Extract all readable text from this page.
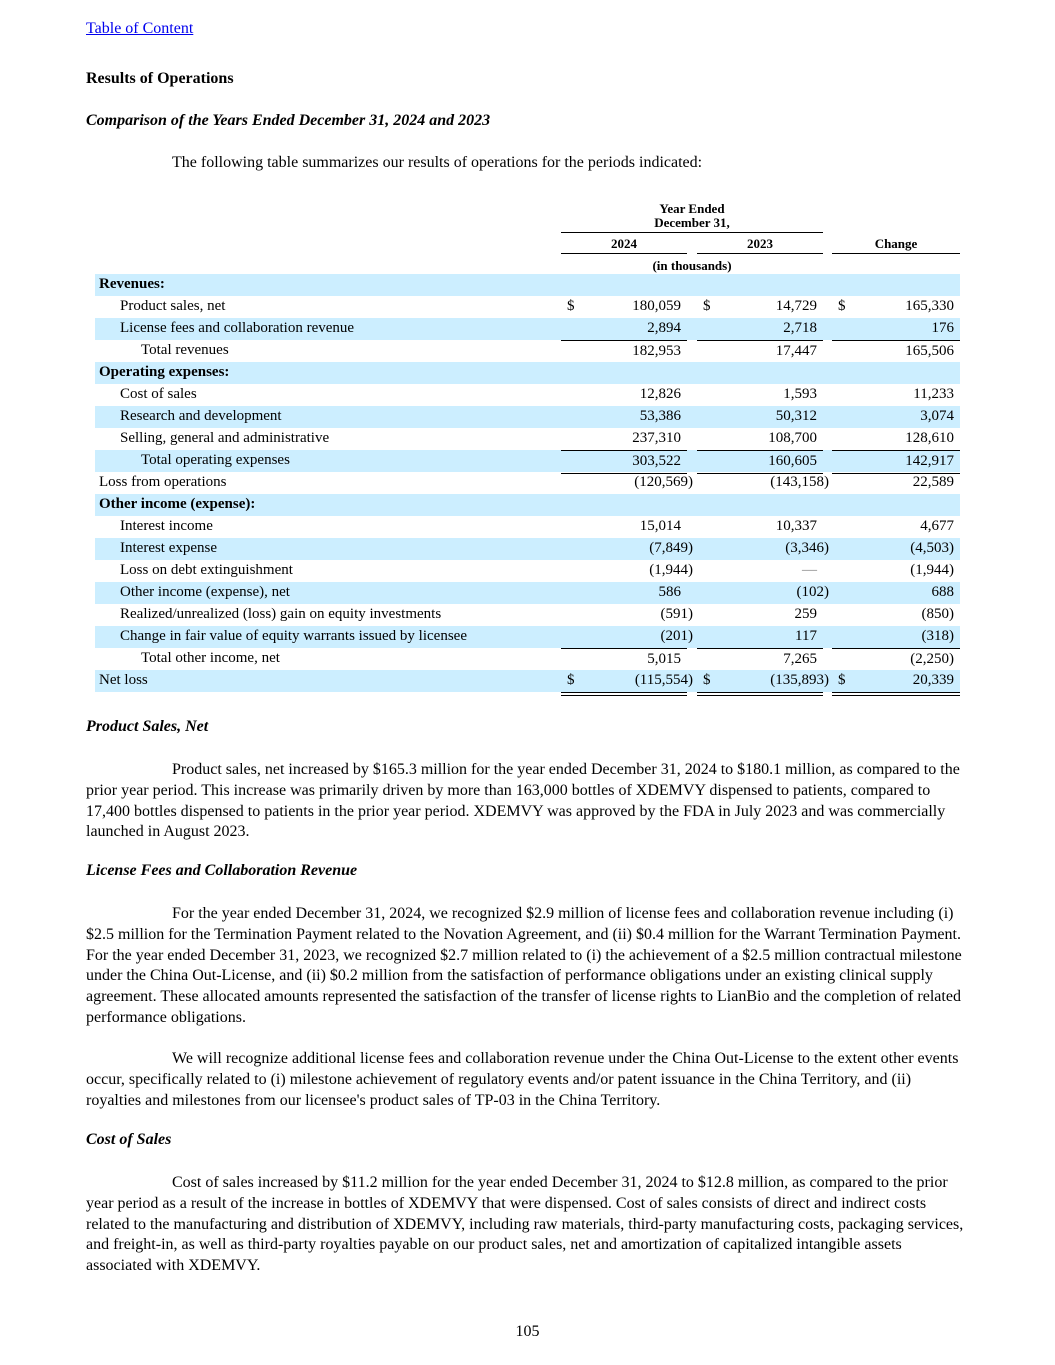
Table of Content
Results of Operations
Comparison of the Years Ended December 31, 2024 and 2023
The following table summarizes our results of operations for the periods indicated:
Year Ended
December 31,
2024	2023	Change
(in thousands)
Revenues:
Product sales, net	$	180,059 $	14,729 $	165,330
License fees and collaboration revenue	2,894	2,718	176
Total revenues	182,953	17,447	165,506
Operating expenses:
Cost of sales	12,826	1,593	11,233
Research and development	53,386	50,312	3,074
Selling, general and administrative	237,310	108,700	128,610
Total operating expenses	303,522	160,605	142,917
Loss from operations	(120,569)	(143,158)	22,589
Other income (expense):
Interest income	15,014	10,337	4,677
Interest expense	(7,849)	(3,346)	(4,503)
Loss on debt extinguishment	(1,944)	—	(1,944)
Other income (expense), net	586	(102)	688
Realized/unrealized (loss) gain on equity investments	(591)	259	(850)
Change in fair value of equity warrants issued by licensee	(201)	117	(318)
Total other income, net	5,015	7,265	(2,250)
Net loss	$	(115,554) $	(135,893) $	20,339
Product Sales, Net
Product sales, net increased by $165.3 million for the year ended December 31, 2024 to $180.1 million, as compared to the prior year period. This increase was primarily driven by more than 163,000 bottles of XDEMVY dispensed to patients, compared to 17,400 bottles dispensed to patients in the prior year period. XDEMVY was approved by the FDA in July 2023 and was commercially launched in August 2023.
License Fees and Collaboration Revenue
For the year ended December 31, 2024, we recognized $2.9 million of license fees and collaboration revenue including (i) $2.5 million for the Termination Payment related to the Novation Agreement, and (ii) $0.4 million for the Warrant Termination Payment. For the year ended December 31, 2023, we recognized $2.7 million related to (i) the achievement of a $2.5 million contractual milestone under the China Out-License, and (ii) $0.2 million from the satisfaction of performance obligations under an existing clinical supply agreement. These allocated amounts represented the satisfaction of the transfer of license rights to LianBio and the completion of related performance obligations.
We will recognize additional license fees and collaboration revenue under the China Out-License to the extent other events occur, specifically related to (i) milestone achievement of regulatory events and/or patent issuance in the China Territory, and (ii) royalties and milestones from our licensee's product sales of TP-03 in the China Territory.
Cost of Sales
Cost of sales increased by $11.2 million for the year ended December 31, 2024 to $12.8 million, as compared to the prior year period as a result of the increase in bottles of XDEMVY that were dispensed. Cost of sales consists of direct and indirect costs related to the manufacturing and distribution of XDEMVY, including raw materials, third-party manufacturing costs, packaging services, and freight-in, as well as third-party royalties payable on our product sales, net and amortization of capitalized intangible assets associated with XDEMVY.
105
